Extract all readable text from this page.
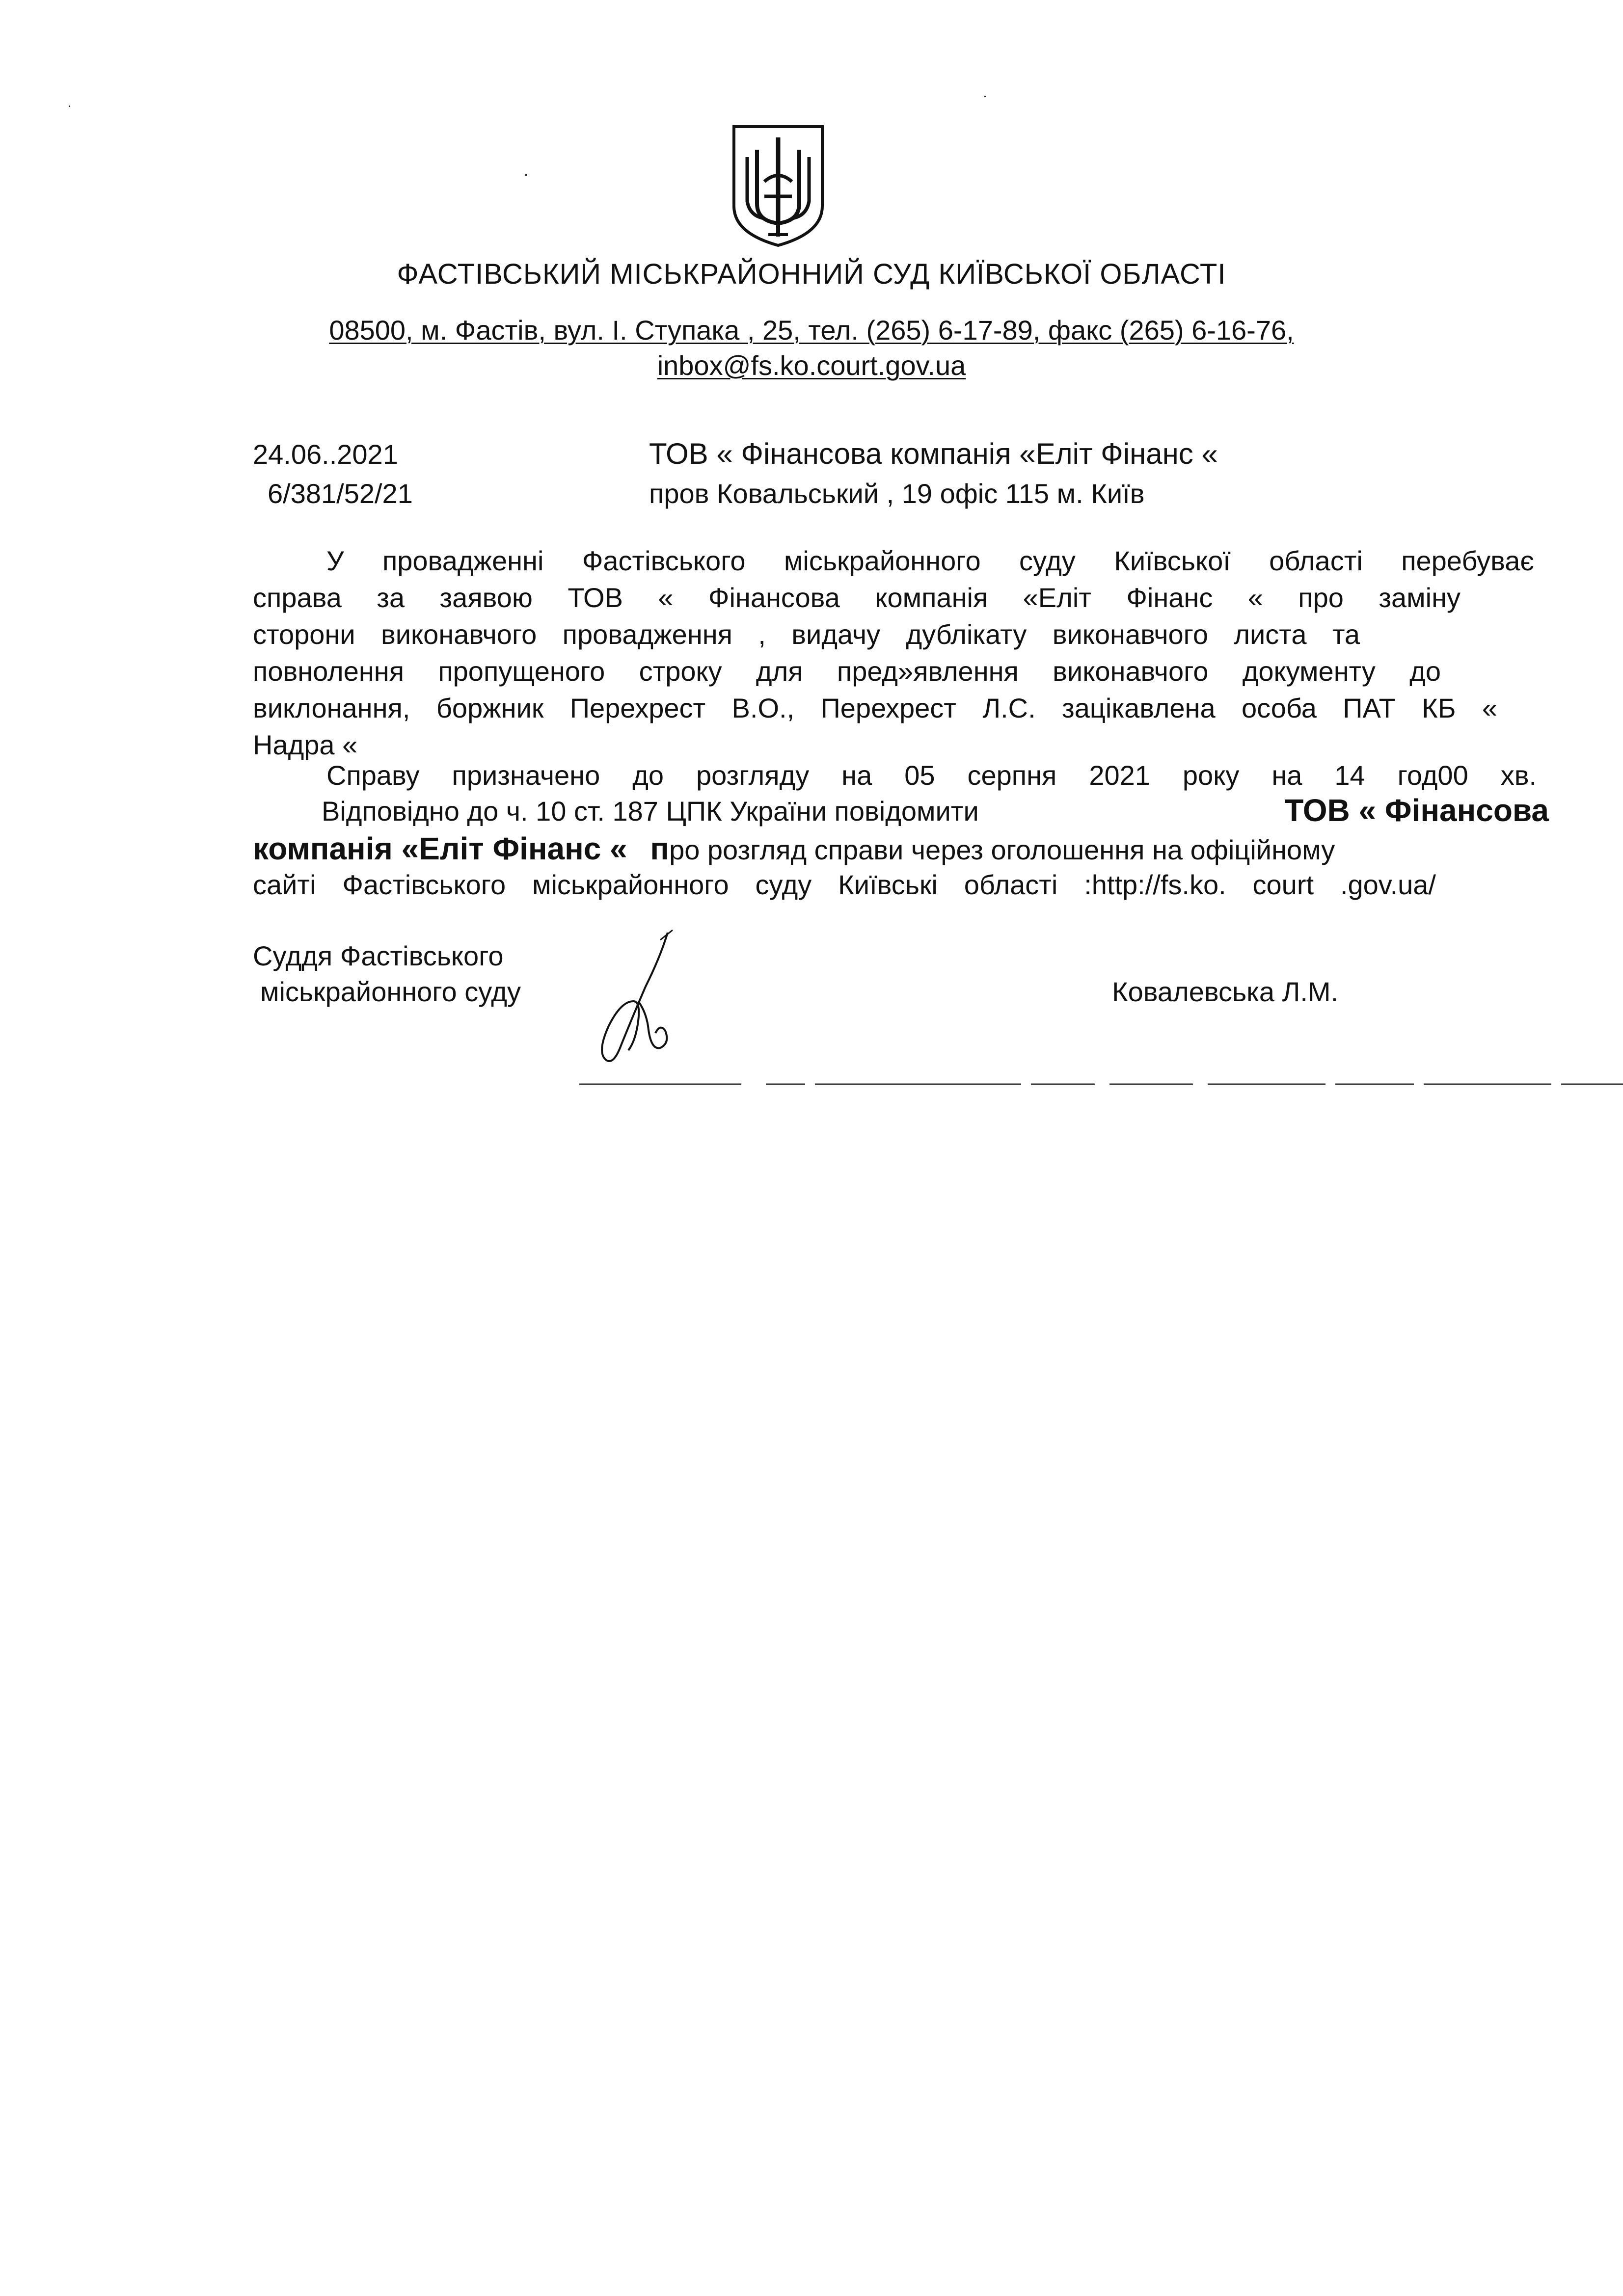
ФАСТІВСЬКИЙ МІСЬКРАЙОННИЙ СУД КИЇВСЬКОЇ ОБЛАСТІ
08500, м. Фастів, вул. І. Ступака , 25, тел. (265) 6-17-89, факс (265) 6-16-76,
inbox@fs.ko.court.gov.ua
24.06..2021
6/381/52/21
ТОВ « Фінансова компанія «Еліт Фінанс «
пров Ковальський , 19 офіс 115 м. Київ
У провадженні Фастівського міськрайонного суду Київської області перебуває
справа за заявою ТОВ « Фінансова компанія «Еліт Фінанс « про заміну
сторони виконавчого провадження , видачу дублікату виконавчого листа та
повнолення пропущеного строку для пред»явлення виконавчого документу до
виклонання, боржник Перехрест В.О., Перехрест Л.С. зацікавлена особа ПАТ КБ «
Надра «
Справу призначено до розгляду на 05 серпня 2021 року на 14 год00 хв.
Відповідно до ч. 10 ст. 187 ЦПК України повідомити	ТОВ « Фінансова
компанія «Еліт Фінанс « про розгляд справи через оголошення на офіційному
сайті Фастівського міськрайонного суду Київські області :http://fs.ko. court .gov.ua/
Суддя Фастівського
міськрайонного суду	Ковалевська Л.М.
